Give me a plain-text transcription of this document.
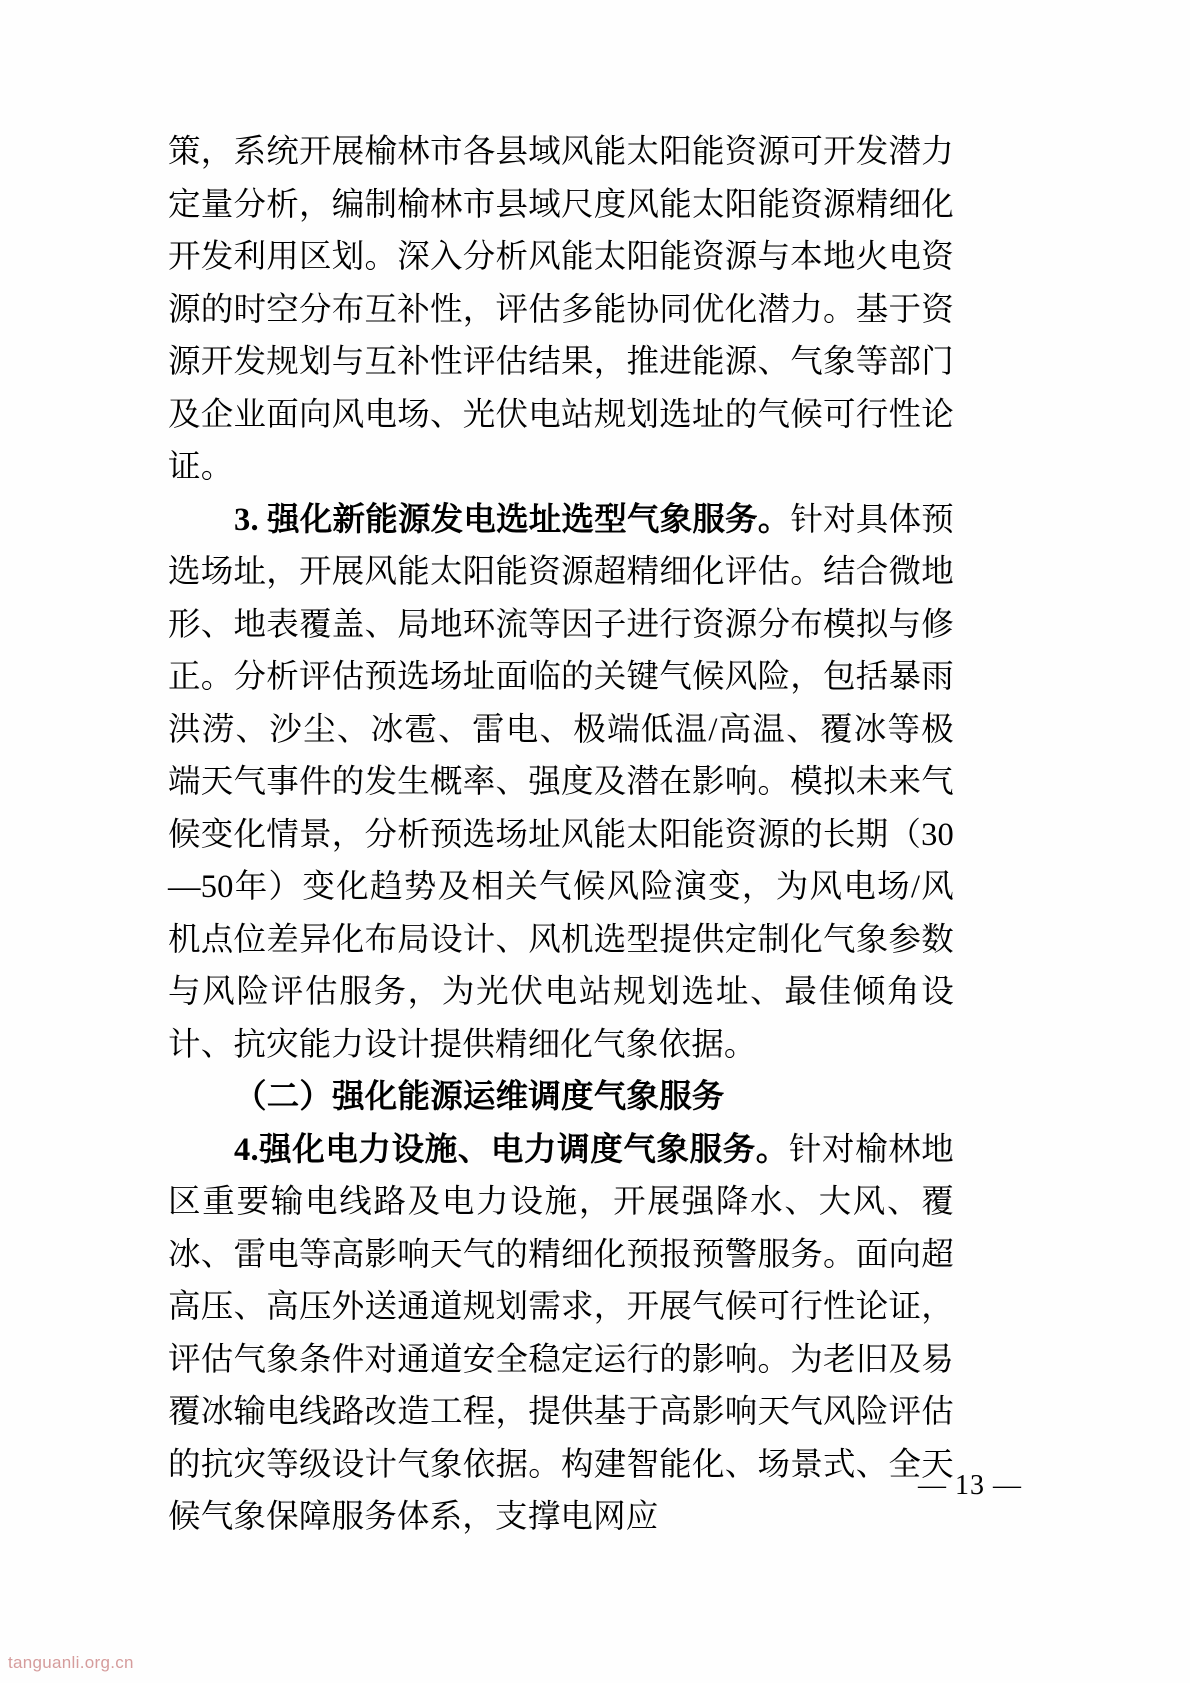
策，系统开展榆林市各县域风能太阳能资源可开发潜力定量分析，编制榆林市县域尺度风能太阳能资源精细化开发利用区划。深入分析风能太阳能资源与本地火电资源的时空分布互补性，评估多能协同优化潜力。基于资源开发规划与互补性评估结果，推进能源、气象等部门及企业面向风电场、光伏电站规划选址的气候可行性论证。

3. 强化新能源发电选址选型气象服务。针对具体预选场址，开展风能太阳能资源超精细化评估。结合微地形、地表覆盖、局地环流等因子进行资源分布模拟与修正。分析评估预选场址面临的关键气候风险，包括暴雨洪涝、沙尘、冰雹、雷电、极端低温/高温、覆冰等极端天气事件的发生概率、强度及潜在影响。模拟未来气候变化情景，分析预选场址风能太阳能资源的长期（30—50年）变化趋势及相关气候风险演变，为风电场/风机点位差异化布局设计、风机选型提供定制化气象参数与风险评估服务，为光伏电站规划选址、最佳倾角设计、抗灾能力设计提供精细化气象依据。

（二）强化能源运维调度气象服务

4.强化电力设施、电力调度气象服务。针对榆林地区重要输电线路及电力设施，开展强降水、大风、覆冰、雷电等高影响天气的精细化预报预警服务。面向超高压、高压外送通道规划需求，开展气候可行性论证，评估气象条件对通道安全稳定运行的影响。为老旧及易覆冰输电线路改造工程，提供基于高影响天气风险评估的抗灾等级设计气象依据。构建智能化、场景式、全天候气象保障服务体系，支撑电网应

— 13 —
tanguanli.org.cn
